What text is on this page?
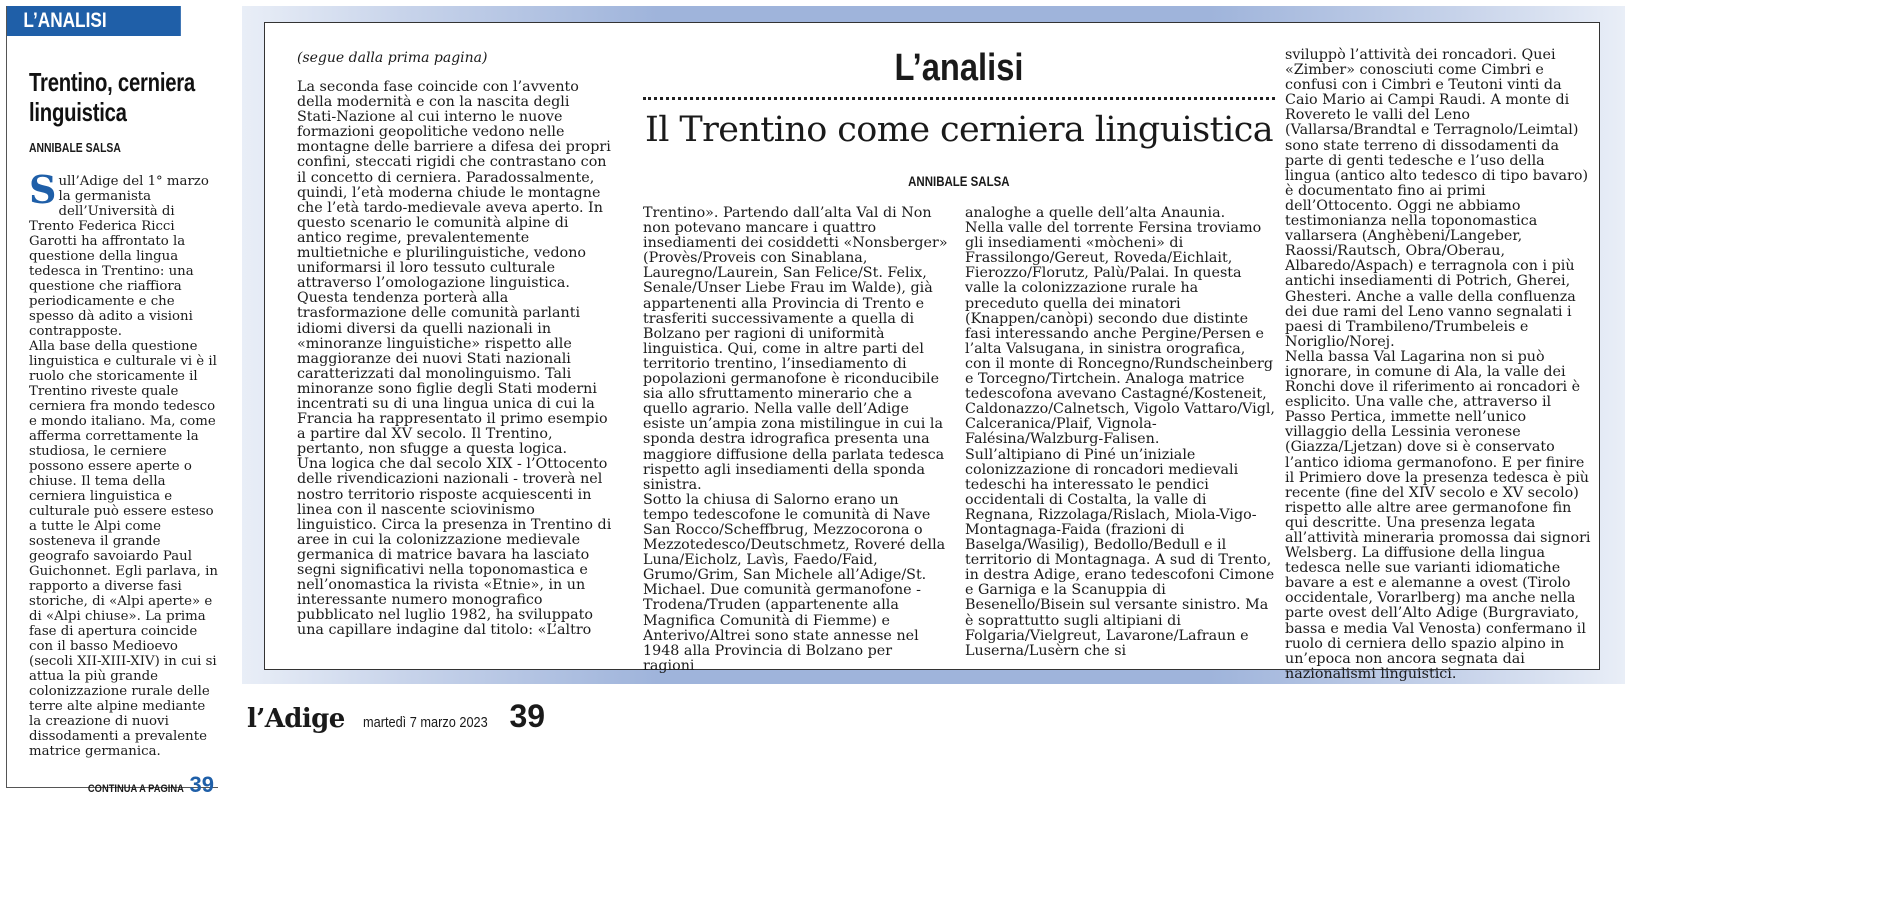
L’ANALISI
Trentino, cerniera linguistica
ANNIBALE SALSA

Sull’Adige del 1° marzo la germanista dell’Università di Trento Federica Ricci Garotti ha affrontato la questione della lingua tedesca in Trentino: una questione che riaffiora periodicamente e che spesso dà adito a visioni contrapposte.
Alla base della questione linguistica e culturale vi è il ruolo che storicamente il Trentino riveste quale cerniera fra mondo tedesco e mondo italiano. Ma, come afferma correttamente la studiosa, le cerniere possono essere aperte o chiuse. Il tema della cerniera linguistica e culturale può essere esteso a tutte le Alpi come sosteneva il grande geografo savoiardo Paul Guichonnet. Egli parlava, in rapporto a diverse fasi storiche, di «Alpi aperte» e di «Alpi chiuse». La prima fase di apertura coincide con il basso Medioevo (secoli XII-XIII-XIV) in cui si attua la più grande colonizzazione rurale delle terre alte alpine mediante la creazione di nuovi dissodamenti a prevalente matrice germanica.

CONTINUA A PAGINA 39
(segue dalla prima pagina)

La seconda fase coincide con l’avvento della modernità e con la nascita degli Stati-Nazione al cui interno le nuove formazioni geopolitiche vedono nelle montagne delle barriere a difesa dei propri confini, steccati rigidi che contrastano con il concetto di cerniera. Paradossalmente, quindi, l’età moderna chiude le montagne che l’età tardo-medievale aveva aperto. In questo scenario le comunità alpine di antico regime, prevalentemente multietniche e plurilinguistiche, vedono uniformarsi il loro tessuto culturale attraverso l’omologazione linguistica.
Questa tendenza porterà alla trasformazione delle comunità parlanti idiomi diversi da quelli nazionali in «minoranze linguistiche» rispetto alle maggioranze dei nuovi Stati nazionali caratterizzati dal monolinguismo. Tali minoranze sono figlie degli Stati moderni incentrati su di una lingua unica di cui la Francia ha rappresentato il primo esempio a partire dal XV secolo. Il Trentino, pertanto, non sfugge a questa logica.
Una logica che dal secolo XIX - l’Ottocento delle rivendicazioni nazionali - troverà nel nostro territorio risposte acquiescenti in linea con il nascente sciovinismo linguistico. Circa la presenza in Trentino di aree in cui la colonizzazione medievale germanica di matrice bavara ha lasciato segni significativi nella toponomastica e nell’onomastica la rivista «Etnie», in un interessante numero monografico pubblicato nel luglio 1982, ha sviluppato una capillare indagine dal titolo: «L’altro

L’analisi
Il Trentino come cerniera linguistica
ANNIBALE SALSA

Trentino». Partendo dall’alta Val di Non non potevano mancare i quattro insediamenti dei cosiddetti «Nonsberger» (Provès/Proveis con Sinablana, Lauregno/Laurein, San Felice/St. Felix, Senale/Unser Liebe Frau im Walde), già appartenenti alla Provincia di Trento e trasferiti successivamente a quella di Bolzano per ragioni di uniformità linguistica. Qui, come in altre parti del territorio trentino, l’insediamento di popolazioni germanofone è riconducibile sia allo sfruttamento minerario che a quello agrario. Nella valle dell’Adige esiste un’ampia zona mistilingue in cui la sponda destra idrografica presenta una maggiore diffusione della parlata tedesca rispetto agli insediamenti della sponda sinistra.
Sotto la chiusa di Salorno erano un tempo tedescofone le comunità di Nave San Rocco/Scheffbrug, Mezzocorona o Mezzotedesco/Deutschmetz, Roveré della Luna/Eicholz, Lavìs, Faedo/Faid, Grumo/Grim, San Michele all’Adige/St. Michael. Due comunità germanofone - Trodena/Truden (appartenente alla Magnifica Comunità di Fiemme) e Anterivo/Altrei sono state annesse nel 1948 alla Provincia di Bolzano per ragioni

analoghe a quelle dell’alta Anaunia.
Nella valle del torrente Fersina troviamo gli insediamenti «mòcheni» di Frassilongo/Gereut, Roveda/Eichlait, Fierozzo/Florutz, Palù/Palai. In questa valle la colonizzazione rurale ha preceduto quella dei minatori (Knappen/canòpi) secondo due distinte fasi interessando anche Pergine/Persen e l’alta Valsugana, in sinistra orografica, con il monte di Roncegno/Rundscheinberg e Torcegno/Tirtchein. Analoga matrice tedescofona avevano Castagné/Kosteneit, Caldonazzo/Calnetsch, Vigolo Vattaro/Vigl, Calceranica/Plaif, Vignola-Falésina/Walzburg-Falisen.
Sull’altipiano di Piné un’iniziale colonizzazione di roncadori medievali tedeschi ha interessato le pendici occidentali di Costalta, la valle di Regnana, Rizzolaga/Rislach, Miola-Vigo-Montagnaga-Faida (frazioni di Baselga/Wasilig), Bedollo/Bedull e il territorio di Montagnaga. A sud di Trento, in destra Adige, erano tedescofoni Cimone e Garniga e la Scanuppia di Besenello/Bisein sul versante sinistro. Ma è soprattutto sugli altipiani di Folgaria/Vielgreut, Lavarone/Lafraun e Luserna/Lusèrn che si

sviluppò l’attività dei roncadori. Quei «Zimber» conosciuti come Cimbri e confusi con i Cimbri e Teutoni vinti da Caio Mario ai Campi Raudi. A monte di Rovereto le valli del Leno (Vallarsa/Brandtal e Terragnolo/Leimtal) sono state terreno di dissodamenti da parte di genti tedesche e l’uso della lingua (antico alto tedesco di tipo bavaro) è documentato fino ai primi dell’Ottocento. Oggi ne abbiamo testimonianza nella toponomastica vallarsera (Anghèbeni/Langeber, Raossi/Rautsch, Obra/Oberau, Albaredo/Aspach) e terragnola con i più antichi insediamenti di Potrich, Gherei, Ghesteri. Anche a valle della confluenza dei due rami del Leno vanno segnalati i paesi di Trambileno/Trumbeleis e Noriglio/Norej.
Nella bassa Val Lagarina non si può ignorare, in comune di Ala, la valle dei Ronchi dove il riferimento ai roncadori è esplicito. Una valle che, attraverso il Passo Pertica, immette nell’unico villaggio della Lessinia veronese (Giazza/Ljetzan) dove si è conservato l’antico idioma germanofono. E per finire il Primiero dove la presenza tedesca è più recente (fine del XIV secolo e XV secolo) rispetto alle altre aree germanofone fin qui descritte. Una presenza legata all’attività mineraria promossa dai signori Welsberg. La diffusione della lingua tedesca nelle sue varianti idiomatiche bavare a est e alemanne a ovest (Tirolo occidentale, Vorarlberg) ma anche nella parte ovest dell’Alto Adige (Burgraviato, bassa e media Val Venosta) confermano il ruolo di cerniera dello spazio alpino in un’epoca non ancora segnata dai nazionalismi linguistici.

l’Adige martedì 7 marzo 2023 39
